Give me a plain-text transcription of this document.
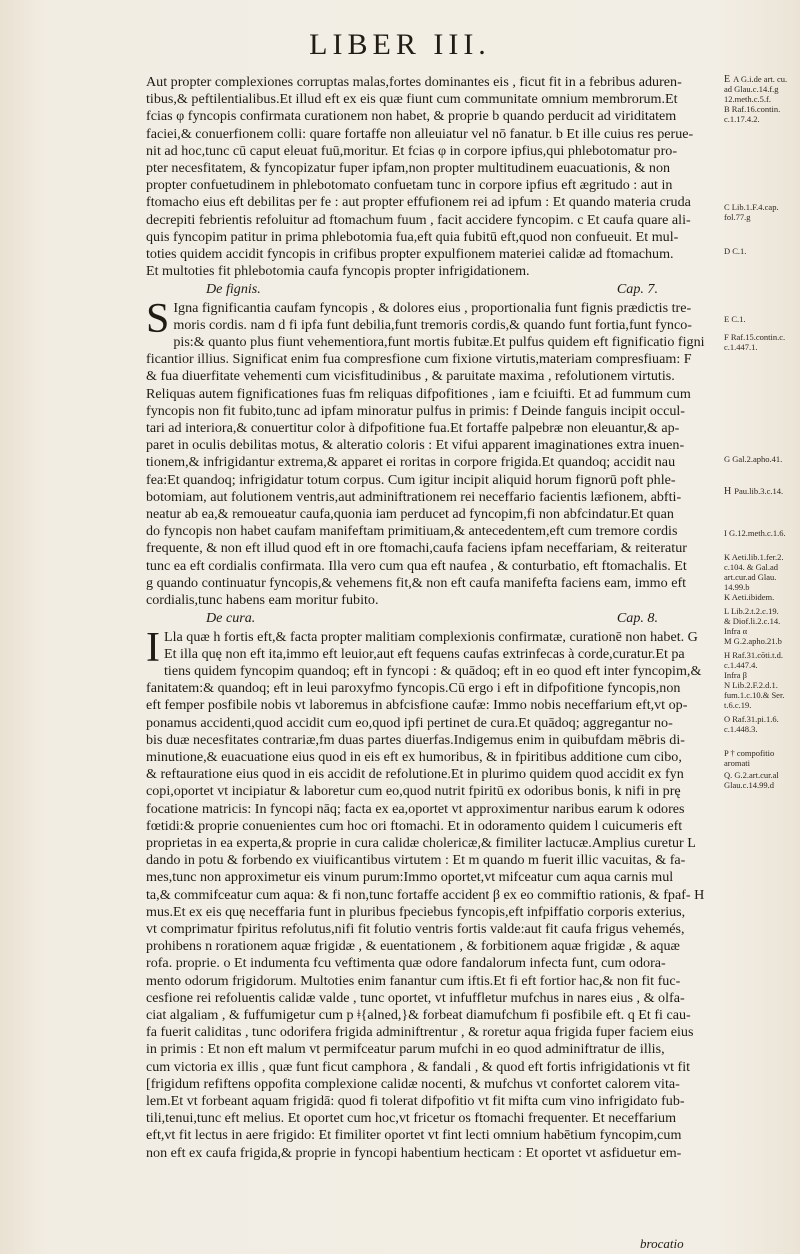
LIBER III.
Aut propter complexiones corruptas malas,fortes dominantes eis , ficut fit in a febribus aduren-
tibus,& peftilentialibus.Et illud eft ex eis quæ fiunt cum communitate omnium membrorum.Et
fcias φ fyncopis confirmata curationem non habet, & proprie b quando perducit ad viriditatem
faciei,& conuerfionem colli: quare fortaffe non alleuiatur vel nō fanatur. b Et ille cuius res perue-
nit ad hoc,tunc cū caput eleuat fuū,moritur. Et fcias φ in corpore ipfius,qui phlebotomatur pro-
pter necesfitatem, & fyncopizatur fuper ipfam,non propter multitudinem euacuationis, & non
propter confuetudinem in phlebotomato confuetam tunc in corpore ipfius eft ægritudo : aut in
ftomacho eius eft debilitas per fe : aut propter effufionem rei ad ipfum : Et quando materia cruda
decrepiti febrientis refoluitur ad ftomachum fuum , facit accidere fyncopim. c Et caufa quare ali-
quis fyncopim patitur in prima phlebotomia fua,eft quia fubitū eft,quod non confueuit. Et mul-
toties quidem accidit fyncopis in crifibus propter expulfionem materiei calidæ ad ftomachum.
Et multoties fit phlebotomia caufa fyncopis propter infrigidationem.
De fignis.	Cap. 7.
S Igna fignificantia caufam fyncopis , & dolores eius , proportionalia funt fignis prædictis tre-
moris cordis. nam d fi ipfa funt debilia,funt tremoris cordis,& quando funt fortia,funt fynco-
pis:& quanto plus fiunt vehementiora,funt mortis fubitæ.Et pulfus quidem eft fignificatio figni
ficantior illius. Significat enim fua compresfione cum fixione virtutis,materiam compresfiuam: F
& fua diuerfitate vehementi cum vicisfitudinibus , & paruitate maxima , refolutionem virtutis.
Reliquas autem fignificationes fuas fm reliquas difpofitiones , iam e fciuifti. Et ad fummum cum
fyncopis non fit fubito,tunc ad ipfam minoratur pulfus in primis: f Deinde fanguis incipit occul-
tari ad interiora,& conuertitur color à difpofitione fua.Et fortaffe palpebræ non eleuantur,& ap-
paret in oculis debilitas motus, & alteratio coloris : Et vifui apparent imaginationes extra inuen-
tionem,& infrigidantur extrema,& apparet ei roritas in corpore frigida.Et quandoq; accidit nau
fea:Et quandoq; infrigidatur totum corpus. Cum igitur incipit aliquid horum fignorū poft phle-
botomiam, aut folutionem ventris,aut adminiftrationem rei neceffario facientis læfionem, abfti-
neatur ab ea,& remoueatur caufa,quonia iam perducet ad fyncopim,fi non abfcindatur.Et quan
do fyncopis non habet caufam manifeftam primitiuam,& antecedentem,eft cum tremore cordis
frequente, & non eft illud quod eft in ore ftomachi,caufa faciens ipfam neceffariam, & reiteratur
tunc ea eft cordialis confirmata. Illa vero cum qua eft naufea , & conturbatio, eft ftomachalis. Et
g quando continuatur fyncopis,& vehemens fit,& non eft caufa manifefta faciens eam, immo eft
cordialis,tunc habens eam moritur fubito.
De cura.	Cap. 8.
I Lla quæ h fortis eft,& facta propter malitiam complexionis confirmatæ, curationē non habet. G
Et illa quę non eft ita,immo eft leuior,aut eft fequens caufas extrinfecas à corde,curatur.Et pa
tiens quidem fyncopim quandoq; eft in fyncopi : & quādoq; eft in eo quod eft inter fyncopim,&
fanitatem:& quandoq; eft in leui paroxyfmo fyncopis.Cū ergo i eft in difpofitione fyncopis,non
eft femper posfibile nobis vt laboremus in abfcisfione caufæ: Immo nobis neceffarium eft,vt op-
ponamus accidenti,quod accidit cum eo,quod ipfi pertinet de cura.Et quādoq; aggregantur no-
bis duæ necesfitates contrariæ,fm duas partes diuerfas.Indigemus enim in quibufdam mēbris di-
minutione,& euacuatione eius quod in eis eft ex humoribus, & in fpiritibus additione cum cibo,
& reftauratione eius quod in eis accidit de refolutione.Et in plurimo quidem quod accidit ex fyn
copi,oportet vt incipiatur & laboretur cum eo,quod nutrit fpiritū ex odoribus bonis, k nifi in prę
focatione matricis: In fyncopi nāq; facta ex ea,oportet vt approximentur naribus earum k odores
fœtidi:& proprie conuenientes cum hoc ori ftomachi. Et in odoramento quidem l cuicumeris eft
proprietas in ea experta,& proprie in cura calidæ cholericæ,& fimiliter lactucæ.Amplius curetur L
dando in potu & forbendo ex viuificantibus virtutem : Et m quando m fuerit illic vacuitas, & fa-
mes,tunc non approximetur eis vinum purum:Immo oportet,vt mifceatur cum aqua carnis mul
ta,& commifceatur cum aqua: & fi non,tunc fortaffe accident β ex eo commiftio rationis, & fpaf- H
mus.Et ex eis quę neceffaria funt in pluribus fpeciebus fyncopis,eft infpiffatio corporis exterius,
vt comprimatur fpiritus refolutus,nifi fit folutio ventris fortis valde:aut fit caufa frigus vehemés,
prohibens n rorationem aquæ frigidæ , & euentationem , & forbitionem aquæ frigidæ , & aquæ
rofa. proprie. o Et indumenta fcu veftimenta quæ odore fandalorum infecta funt, cum odora-
mento odorum frigidorum. Multoties enim fanantur cum iftis.Et fi eft fortior hac,& non fit fuc-
cesfione rei refoluentis calidæ valde , tunc oportet, vt infuffletur mufchus in nares eius , & olfa-
ciat algaliam , & fuffumigetur cum p ǂ{alned,}& forbeat diamufchum fi posfibile eft. q Et fi cau-
fa fuerit caliditas , tunc odorifera frigida adminiftrentur , & roretur aqua frigida fuper faciem eius
in primis : Et non eft malum vt permifceatur parum mufchi in eo quod adminiftratur de illis,
cum victoria ex illis , quæ funt ficut camphora , & fandali , & quod eft fortis infrigidationis vt fit
[frigidum refiftens oppofita complexione calidæ nocenti, & mufchus vt confortet calorem vita-
lem.Et vt forbeant aquam frigidā: quod fi tolerat difpofitio vt fit mifta cum vino infrigidato fub-
tili,tenui,tunc eft melius. Et oportet cum hoc,vt fricetur os ftomachi frequenter. Et neceffarium
eft,vt fit lectus in aere frigido: Et fimiliter oportet vt fint lecti omnium habētium fyncopim,cum
non eft ex caufa frigida,& proprie in fyncopi habentium hecticam : Et oportet vt asfiduetur em-
E A G.i.de art. cu.
ad Glau.c.14.f.g
12.meth.c.5.f.
B Raf.16.contin.
c.1.17.4.2.
C Lib.1.F.4.cap.
fol.77.g
D C.1.
E C.1.
F Raf.15.contin.c.
c.1.447.1.
G Gal.2.apho.41.
H Pau.lib.3.c.14.
I G.12.meth.c.1.6.
K Aeti.lib.1.fer.2.
c.104. & Gal.ad
art.cur.ad Glau.
14.99.b
K Aeti.ibidem.
L Lib.2.t.2.c.19.
& Diof.li.2.c.14.
Infra α
M G.2.apho.21.b
H Raf.31.cōti.t.d.
c.1.447.4.
Infra β
N Lib.2.F.2.d.1.
fum.1.c.10.& Ser.
t.6.c.19.
O Raf.31.pi.1.6.
c.1.448.3.
P † compofitio
aromati
Q. G.2.art.cur.al
Glau.c.14.99.d
brocatio
